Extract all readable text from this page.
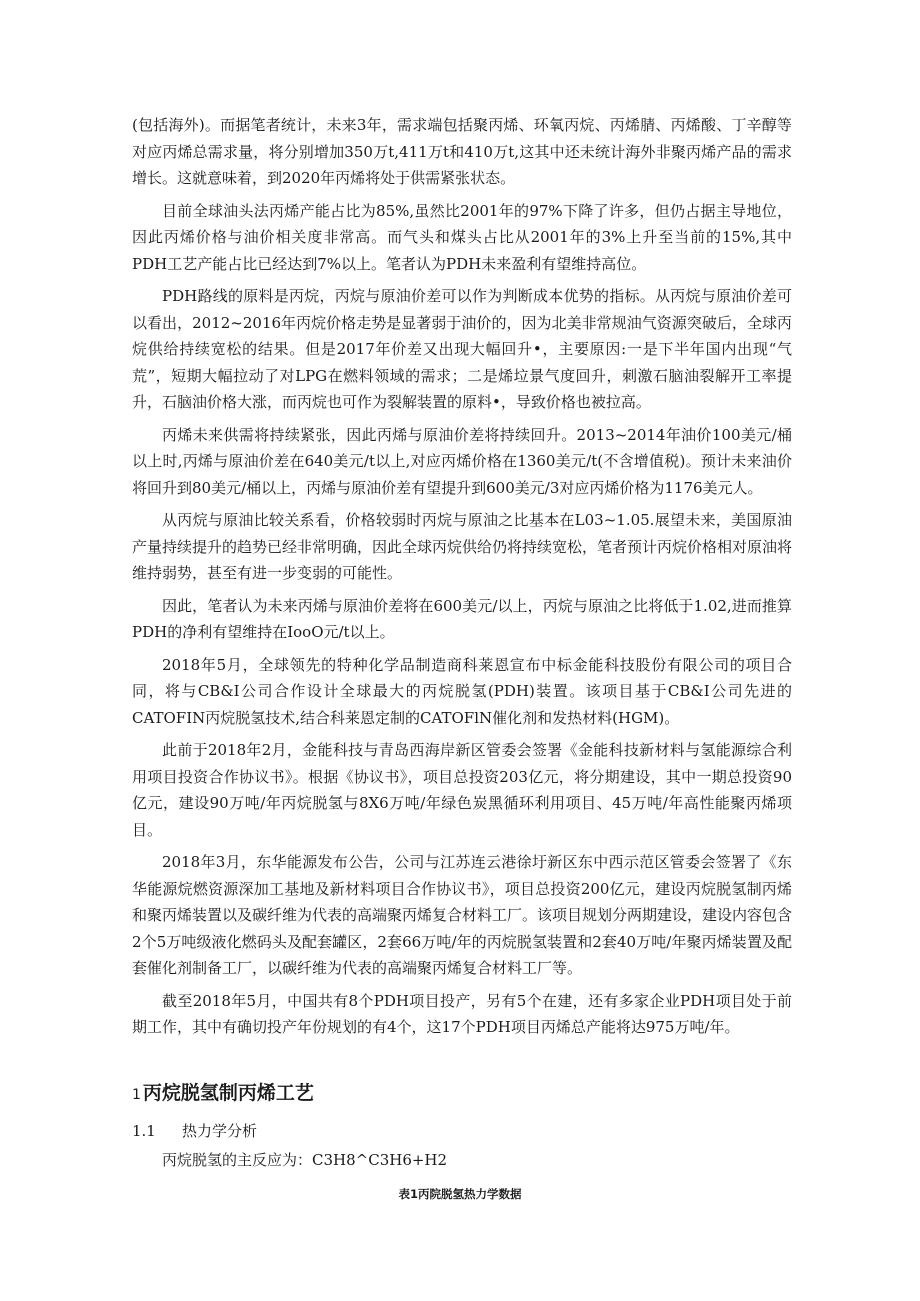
(包括海外)。而据笔者统计，未来3年，需求端包括聚丙烯、环氧丙烷、丙烯腈、丙烯酸、丁辛醇等对应丙烯总需求量，将分别增加350万t,411万t和410万t,这其中还未统计海外非聚丙烯产品的需求增长。这就意味着，到2020年丙烯将处于供需紧张状态。

目前全球油头法丙烯产能占比为85%,虽然比2001年的97%下降了许多，但仍占据主导地位，因此丙烯价格与油价相关度非常高。而气头和煤头占比从2001年的3%上升至当前的15%,其中PDH工艺产能占比已经达到7%以上。笔者认为PDH未来盈利有望维持高位。

PDH路线的原料是丙烷，丙烷与原油价差可以作为判断成本优势的指标。从丙烷与原油价差可以看出，2012~2016年丙烷价格走势是显著弱于油价的，因为北美非常规油气资源突破后，全球丙烷供给持续宽松的结果。但是2017年价差又出现大幅回升•，主要原因:一是下半年国内出现“气荒”，短期大幅拉动了对LPG在燃料领域的需求；二是烯垃景气度回升，刺激石脑油裂解开工率提升，石脑油价格大涨，而丙烷也可作为裂解装置的原料•，导致价格也被拉高。

丙烯未来供需将持续紧张，因此丙烯与原油价差将持续回升。2013~2014年油价100美元/桶以上时,丙烯与原油价差在640美元/t以上,对应丙烯价格在1360美元/t(不含增值税)。预计未来油价将回升到80美元/桶以上，丙烯与原油价差有望提升到600美元/3对应丙烯价格为1176美元人。

从丙烷与原油比较关系看，价格较弱时丙烷与原油之比基本在L03~1.05.展望未来，美国原油产量持续提升的趋势已经非常明确，因此全球丙烷供给仍将持续宽松，笔者预计丙烷价格相对原油将维持弱势，甚至有进一步变弱的可能性。

因此，笔者认为未来丙烯与原油价差将在600美元/以上，丙烷与原油之比将低于1.02,进而推算PDH的净利有望维持在IooO元/t以上。

2018年5月，全球领先的特种化学品制造商科莱恩宣布中标金能科技股份有限公司的项目合同，将与CB&I公司合作设计全球最大的丙烷脱氢(PDH)装置。该项目基于CB&I公司先进的CATOFIN丙烷脱氢技术,结合科莱恩定制的CATOFlN催化剂和发热材料(HGM)。

此前于2018年2月，金能科技与青岛西海岸新区管委会签署《金能科技新材料与氢能源综合利用项目投资合作协议书》。根据《协议书》，项目总投资203亿元，将分期建设，其中一期总投资90亿元，建设90万吨/年丙烷脱氢与8X6万吨/年绿色炭黑循环利用项目、45万吨/年高性能聚丙烯项目。

2018年3月，东华能源发布公告，公司与江苏连云港徐圩新区东中西示范区管委会签署了《东华能源烷燃资源深加工基地及新材料项目合作协议书》，项目总投资200亿元，建设丙烷脱氢制丙烯和聚丙烯装置以及碳纤维为代表的高端聚丙烯复合材料工厂。该项目规划分两期建设，建设内容包含2个5万吨级液化燃码头及配套罐区，2套66万吨/年的丙烷脱氢装置和2套40万吨/年聚丙烯装置及配套催化剂制备工厂，以碳纤维为代表的高端聚丙烯复合材料工厂等。

截至2018年5月，中国共有8个PDH项目投产，另有5个在建，还有多家企业PDH项目处于前期工作，其中有确切投产年份规划的有4个，这17个PDH项目丙烯总产能将达975万吨/年。

1 丙烷脱氢制丙烯工艺

1.1 热力学分析

丙烷脱氢的主反应为：C3H8^C3H6+H2

表1丙院脱氢热力学数据
